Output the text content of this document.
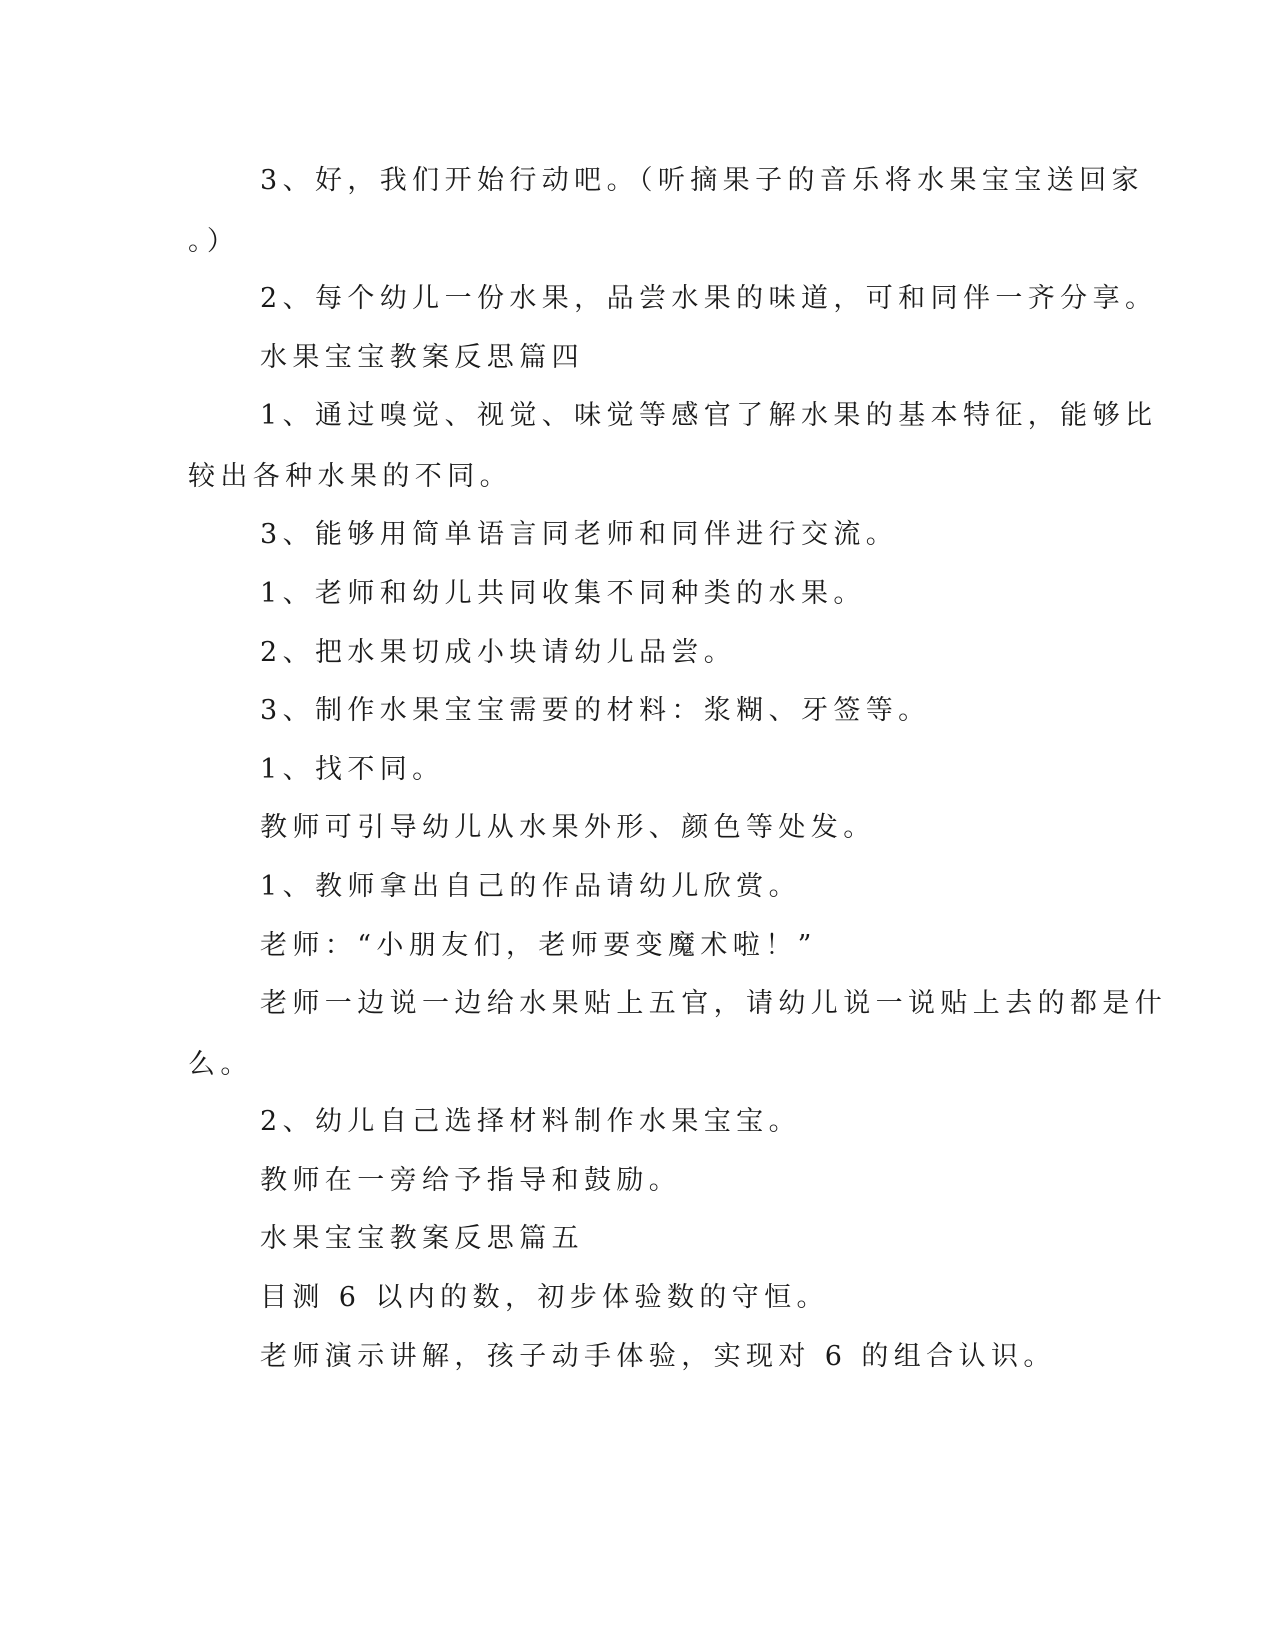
3、好，我们开始行动吧。（听摘果子的音乐将水果宝宝送回家
。）

2、每个幼儿一份水果，品尝水果的味道，可和同伴一齐分享。

水果宝宝教案反思篇四

1、通过嗅觉、视觉、味觉等感官了解水果的基本特征，能够比
较出各种水果的不同。

3、能够用简单语言同老师和同伴进行交流。

1、老师和幼儿共同收集不同种类的水果。

2、把水果切成小块请幼儿品尝。

3、制作水果宝宝需要的材料：浆糊、牙签等。

1、找不同。

教师可引导幼儿从水果外形、颜色等处发。

1、教师拿出自己的作品请幼儿欣赏。

老师：“小朋友们，老师要变魔术啦！”

老师一边说一边给水果贴上五官，请幼儿说一说贴上去的都是什
么。

2、幼儿自己选择材料制作水果宝宝。

教师在一旁给予指导和鼓励。

水果宝宝教案反思篇五

目测 6 以内的数，初步体验数的守恒。

老师演示讲解，孩子动手体验，实现对 6 的组合认识。
